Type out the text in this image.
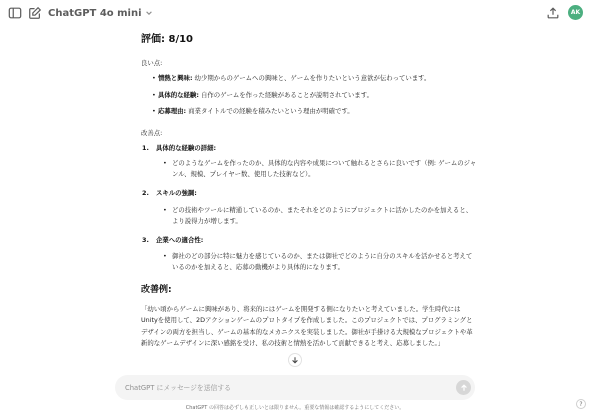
ChatGPT 4o mini	AK
評価: 8/10
良い点:
• 情熱と興味: 幼少期からのゲームへの興味と、ゲームを作りたいという意欲が伝わっています。
• 具体的な経験: 自作のゲームを作った経験があることが説明されています。
• 応募理由: 商業タイトルでの経験を積みたいという理由が明確です。
改善点:
1.	具体的な経験の詳細:
• どのようなゲームを作ったのか、具体的な内容や成果について触れるとさらに良いです（例: ゲームのジャンル、規模、プレイヤー数、使用した技術など）。
2.	スキルの強調:
• どの技術やツールに精通しているのか、またそれをどのようにプロジェクトに活かしたのかを加えると、より説得力が増します。
3.	企業への適合性:
• 御社のどの部分に特に魅力を感じているのか、または御社でどのように自分のスキルを活かせると考えているのかを加えると、応募の動機がより具体的になります。
改善例:
「幼い頃からゲームに興味があり、将来的にはゲームを開発する側になりたいと考えていました。学生時代にはUnityを使用して、2Dアクションゲームのプロトタイプを作成しました。このプロジェクトでは、プログラミングとデザインの両方を担当し、ゲームの基本的なメカニクスを実装しました。御社が手掛ける大規模なプロジェクトや革新的なゲームデザインに深い感銘を受け、私の技術と情熱を活かして貢献できると考え、応募しました。」
ChatGPT にメッセージを送信する
ChatGPT の回答は必ずしも正しいとは限りません。重要な情報は確認するようにしてください。
?
